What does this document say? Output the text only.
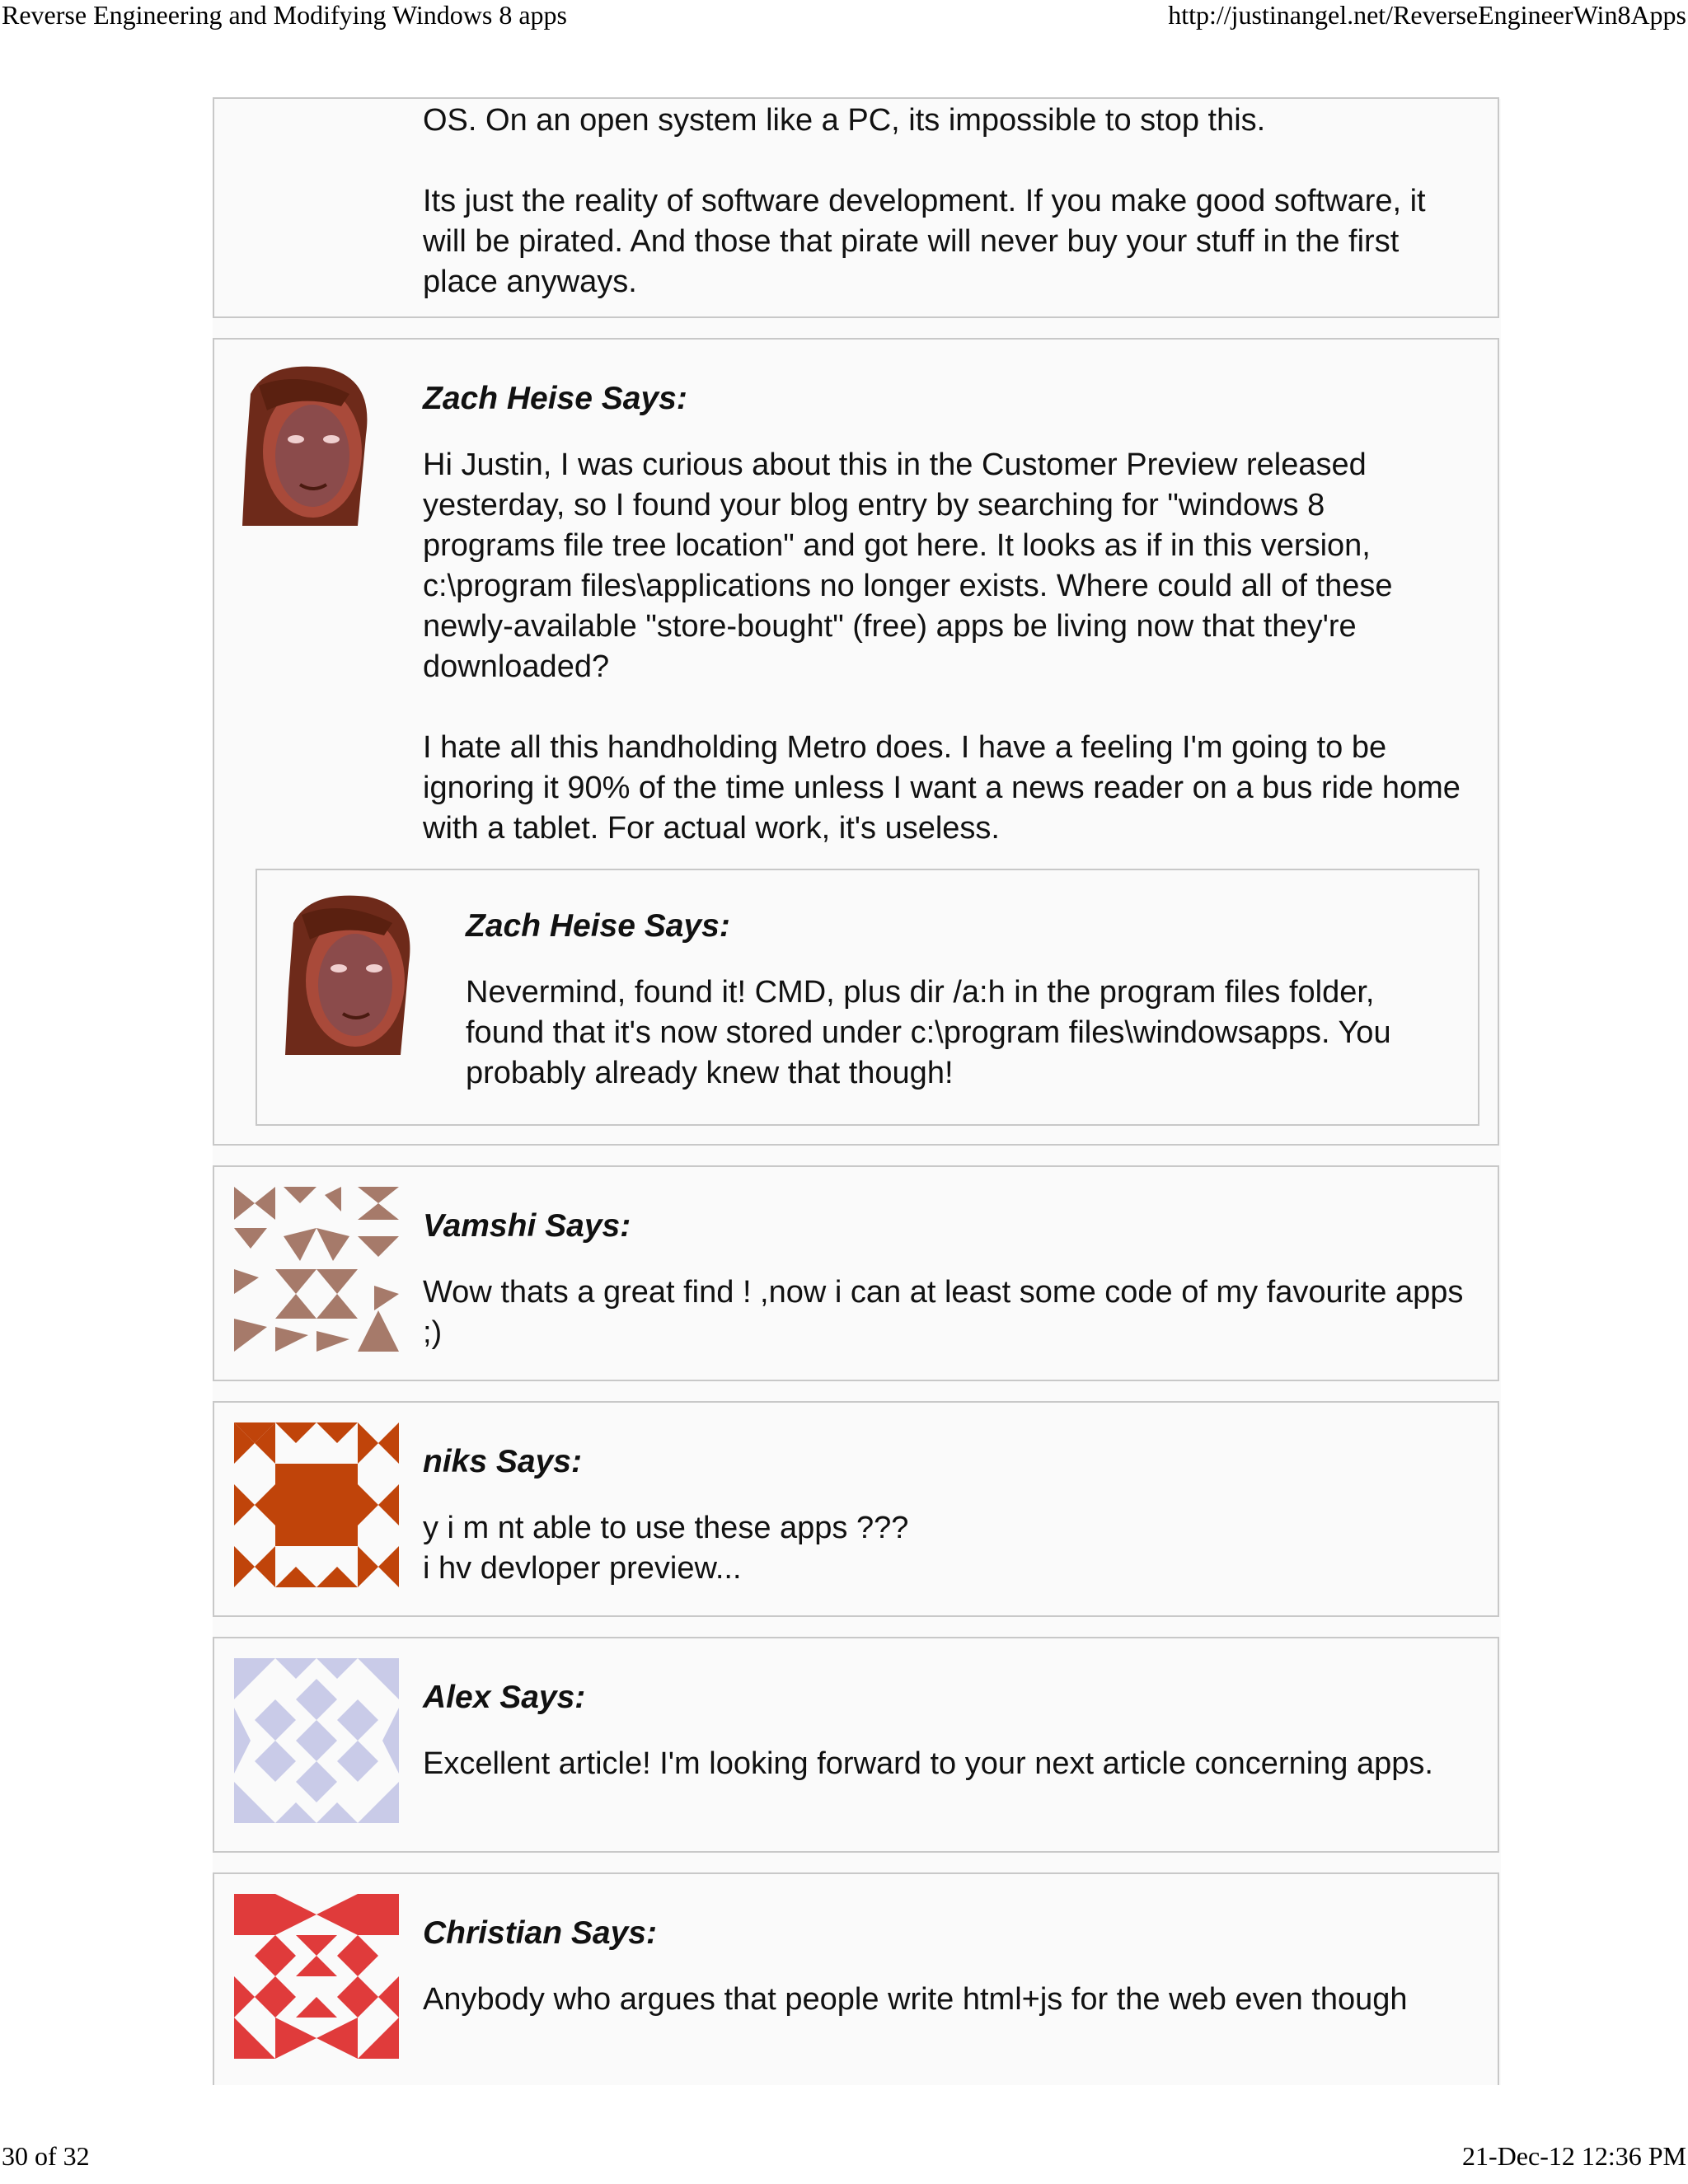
Reverse Engineering and Modifying Windows 8 apps	http://justinangel.net/ReverseEngineerWin8Apps

OS. On an open system like a PC, its impossible to stop this.

Its just the reality of software development. If you make good software, it will be pirated. And those that pirate will never buy your stuff in the first place anyways.

Zach Heise Says:

Hi Justin, I was curious about this in the Customer Preview released yesterday, so I found your blog entry by searching for "windows 8 programs file tree location" and got here. It looks as if in this version, c:\program files\applications no longer exists. Where could all of these newly-available "store-bought" (free) apps be living now that they're downloaded?

I hate all this handholding Metro does. I have a feeling I'm going to be ignoring it 90% of the time unless I want a news reader on a bus ride home with a tablet. For actual work, it's useless.

Zach Heise Says:

Nevermind, found it! CMD, plus dir /a:h in the program files folder, found that it's now stored under c:\program files\windowsapps. You probably already knew that though!

Vamshi Says:

Wow thats a great find ! ,now i can at least some code of my favourite apps ;)

niks Says:

y i m nt able to use these apps ???

i hv devloper preview...

Alex Says:

Excellent article! I'm looking forward to your next article concerning apps.

Christian Says:

Anybody who argues that people write html+js for the web even though

30 of 32	21-Dec-12 12:36 PM
